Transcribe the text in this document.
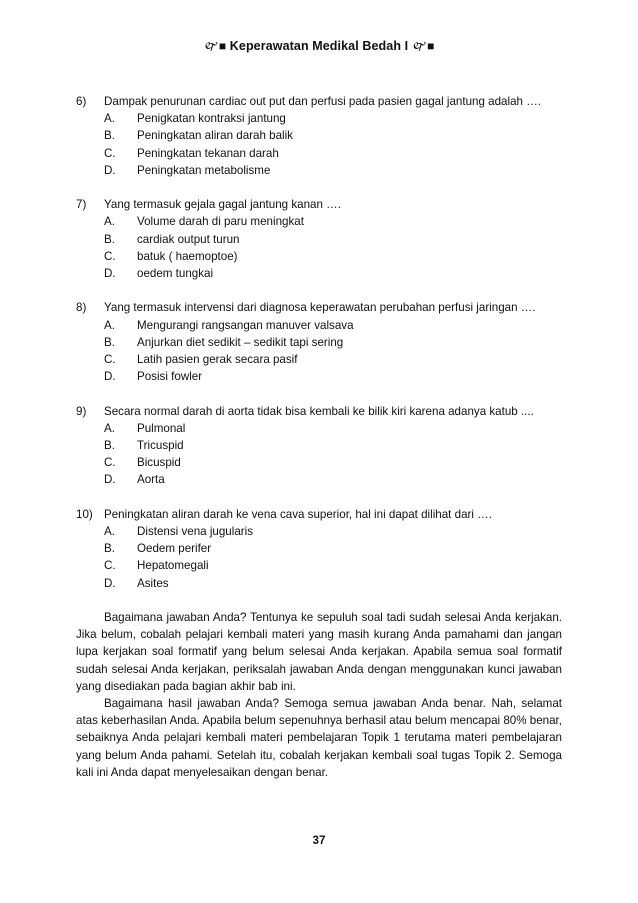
🙰■ Keperawatan Medikal Bedah I 🙰■
6)	Dampak penurunan cardiac out put dan perfusi pada pasien gagal jantung adalah ….
A.	Penigkatan kontraksi jantung
B.	Peningkatan aliran darah balik
C.	Peningkatan tekanan darah
D.	Peningkatan metabolisme
7)	Yang termasuk gejala gagal jantung kanan ….
A.	Volume darah di paru meningkat
B.	cardiak output turun
C.	batuk ( haemoptoe)
D.	oedem tungkai
8)	Yang termasuk intervensi dari diagnosa keperawatan perubahan perfusi jaringan ….
A.	Mengurangi rangsangan manuver valsava
B.	Anjurkan diet sedikit – sedikit tapi sering
C.	Latih pasien gerak secara pasif
D.	Posisi fowler
9)	Secara normal darah di aorta tidak bisa kembali ke bilik kiri karena adanya katub ....
A.	Pulmonal
B.	Tricuspid
C.	Bicuspid
D.	Aorta
10) Peningkatan aliran darah ke vena cava superior, hal ini dapat dilihat dari ….
A.	Distensi vena jugularis
B.	Oedem perifer
C.	Hepatomegali
D.	Asites

Bagaimana jawaban Anda? Tentunya ke sepuluh soal tadi sudah selesai Anda kerjakan. Jika belum, cobalah pelajari kembali materi yang masih kurang Anda pamahami dan jangan lupa kerjakan soal formatif yang belum selesai Anda kerjakan. Apabila semua soal formatif sudah selesai Anda kerjakan, periksalah jawaban Anda dengan menggunakan kunci jawaban yang disediakan pada bagian akhir bab ini.

Bagaimana hasil jawaban Anda? Semoga semua jawaban Anda benar. Nah, selamat atas keberhasilan Anda. Apabila belum sepenuhnya berhasil atau belum mencapai 80% benar, sebaiknya Anda pelajari kembali materi pembelajaran Topik 1 terutama materi pembelajaran yang belum Anda pahami. Setelah itu, cobalah kerjakan kembali soal tugas Topik 2. Semoga kali ini Anda dapat menyelesaikan dengan benar.

37
